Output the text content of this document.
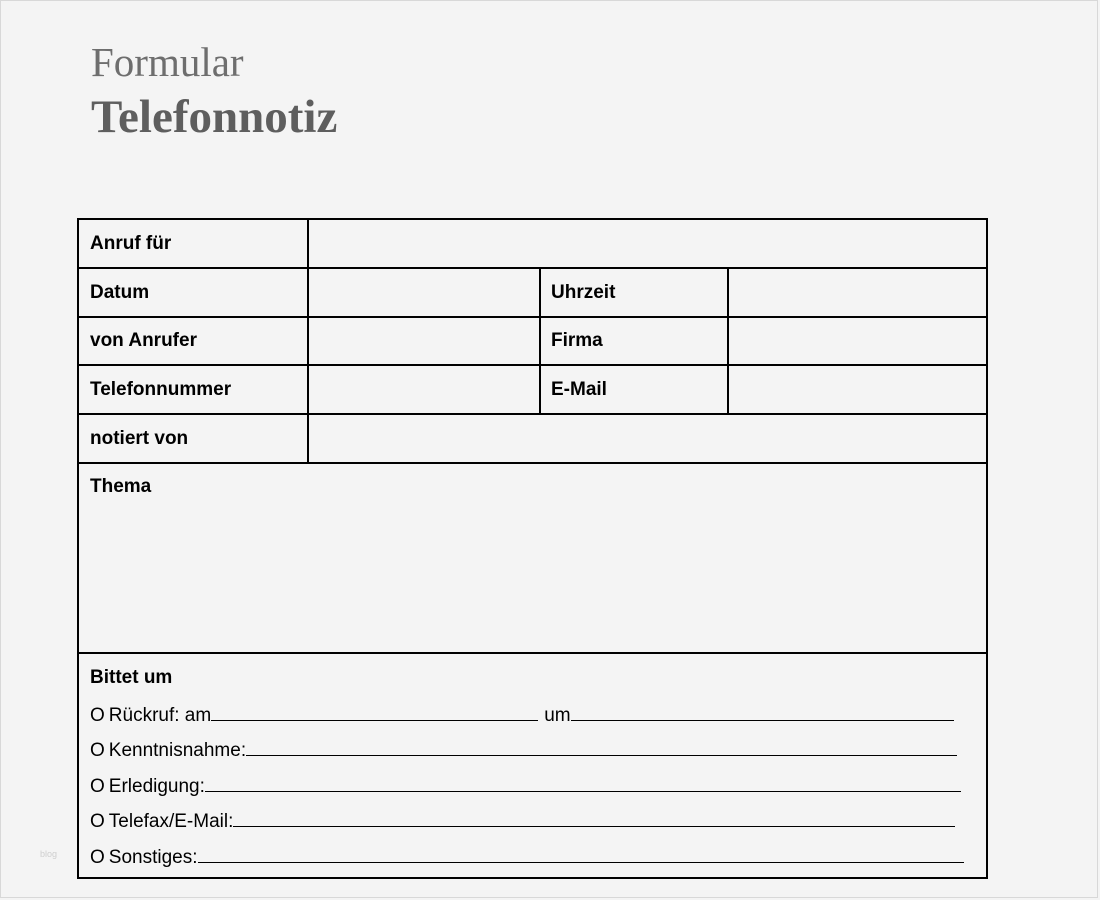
Formular
Telefonnotiz
Anruf für
Datum	Uhrzeit
von Anrufer	Firma
Telefonnummer	E-Mail
notiert von
Thema
Bittet um
O Rückruf: am	um
O Kenntnisnahme:
O Erledigung:
O Telefax/E-Mail:
O Sonstiges:
blog
